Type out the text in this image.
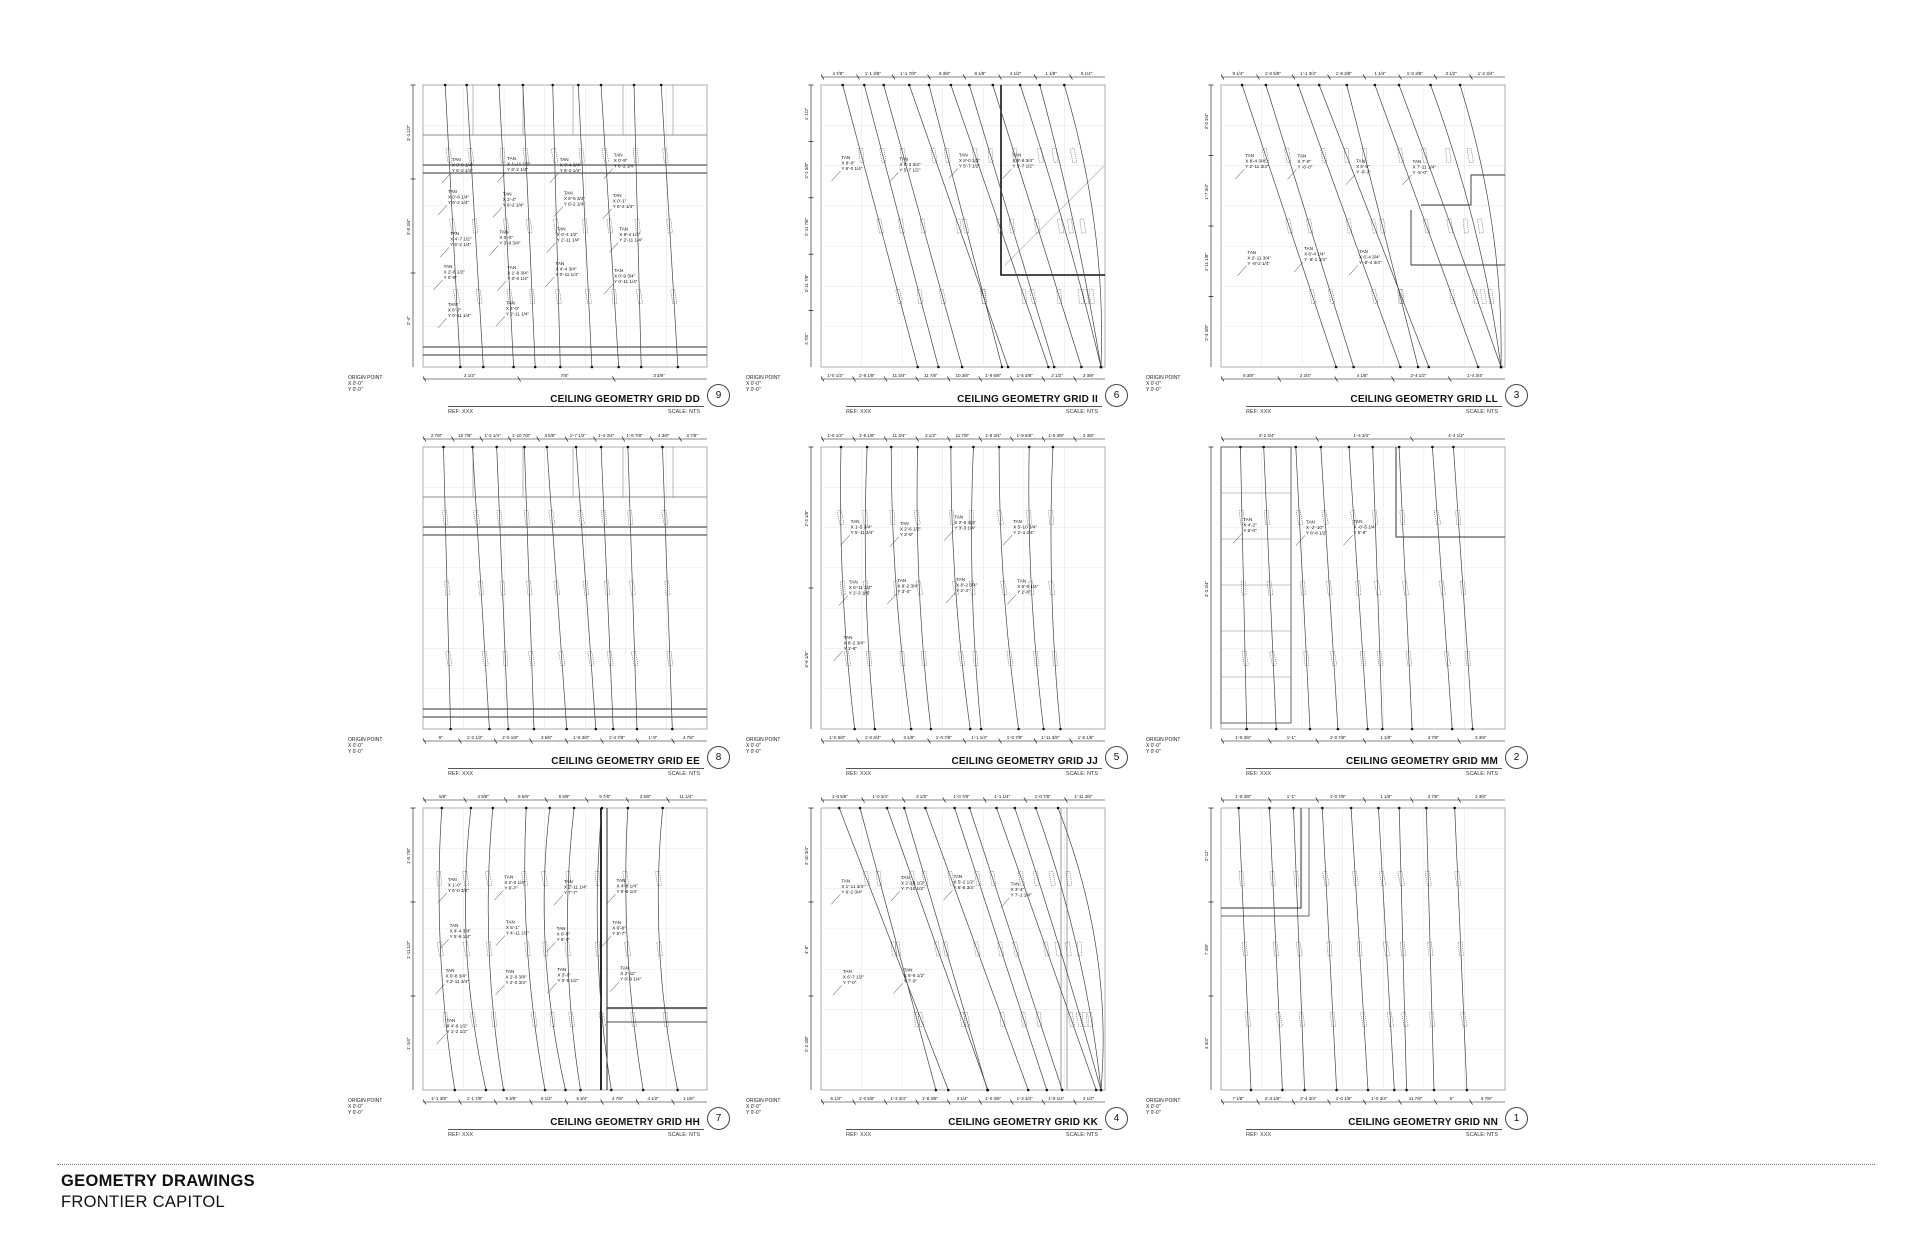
3 1/2"	7/8"	3 3/8"
3'-1 1/2"
3'-0 3/4"
2'-4"
TAN
X 0'-0 1/4"
Y 6'-2 1/4"
TAN
X 1'-11 1/4"
Y 6'-2 1/4"
TAN
X 0'-4 3/4"
Y 6'-2 1/4"
TAN
X 0'-9"
Y 6'-2 1/4"
TAN
X 0'-6 1/4"
Y 6'-2 1/4"
TAN
X 2'-4"
Y 6'-2 1/4"
TAN
X 8'-6 3/4"
Y 6'-2 1/4"
TAN
X 0'-1"
Y 6'-2 1/4"
TAN
X 4'-7 1/2"
Y 6'-2 1/4"
TAN
X 0'-0"
Y 3'-9 3/4"
TAN
X 0'-4 1/2"
Y 2'-11 1/4"
TAN
X 8'-4 1/4"
Y 2'-11 1/4"
TAN
X 2'-6 1/2"
Y 0'-9"
TAN
X 1'-8 3/4"
Y 0'-0 1/4"
TAN
X 4'-4 3/4"
Y 0'-11 1/4"
TAN
X 0'-9 3/4"
Y 0'-11 1/4"
TAN
X 8'-7"
Y 0'-11 1/4"
TAN
X 4'-0"
Y 2'-11 1/4"
ORIGIN POINT
X 0'-0"
Y 0'-0"
CEILING GEOMETRY GRID DD
REF: XXX	SCALE: NTS
9
4 7/8"	1'-1 3/8"	1'-1 7/8"	9 3/8"	8 1/8"	4 1/2"	1 1/8"	8 1/4"
1'-0 1/2"	1'-8 1/8"	11 3/4"	11 7/8"	10 3/8"	1'-9 5/8"	1'-5 3/8"	2 1/2"	3 3/8"
1'-1/2"
2'-1 3/8"
2'-11 7/8"
3'-11 7/8"
3 7/8"
TAN
X 8'-0"
Y 6'-0 1/4"
TAN
X 8'-3 3/4"
Y 5'-7 1/2"
TAN
X 8'-0 1/2"
Y 5'-7 1/2"
TAN
X 9'-8 3/4"
Y 5'-7 1/2"
ORIGIN POINT
X 0'-0"
Y 0'-0"
CEILING GEOMETRY GRID II
REF: XXX	SCALE: NTS
6
9 1/4"	1'-0 5/8"	1'-1 3/4"	1'-8 3/8"	1 1/4"	1'-0 3/8"	3 1/2"	1'-2 3/4"
8 3/8"	2 3/4"	4 1/8"	2'-4 1/2"	1'-4 3/4"
2'-0 3/4"
1'-7 3/4"
1'-11 1/8"
2'-3 3/8"
TAN
X 8'-4 3/4"
Y 2'-11 3/4"
TAN
X 7'-0"
Y -6'-0"
TAN
X 6'-8"
Y -6'-3"
TAN
X 7'-11 1/4"
Y -5'-0"
TAN
X 2'-11 3/4"
Y -8'-2 1/4"
TAN
X 8'-4 1/4"
Y -8'-1 3/4"
TAN
X 6'-4 3/4"
Y -8'-4 3/4"
ORIGIN POINT
X 0'-0"
Y 0'-0"
CEILING GEOMETRY GRID LL
REF: XXX	SCALE: NTS
3
2 7/8"	10 7/8"	1'-2 1/4"	1'-10 7/8"	3 5/8"	1'-7 1/2"	1'-4 3/4"	1'-8 7/8"	4 3/8"	3 7/8"
9"	1'-3 1/2"	2'-0 1/8"	3 5/8"	1'-8 3/8"	1'-4 7/8"	1'-9"	4 7/8"
ORIGIN POINT
X 0'-0"
Y 0'-0"
CEILING GEOMETRY GRID EE
REF: XXX	SCALE: NTS
8
1'-0 1/2"	1'-8 1/8"	11 3/4"	2 1/2"	11 7/8"	1'-8 3/4"	1'-9 5/8"	1'-5 3/8"	3 3/8"
1'-0 5/8"	1'-0 3/4"	3 1/8"	1'-0 7/8"	1'-1 1/4"	1'-0 7/8"	1'-11 3/8"	1'-8 1/8"
2'-3 1/8"
6'-8 1/8"
TAN
X 1'-5 3/4"
Y 5'-11 3/4"
TAN
X 2'-6 1/2"
Y 3'-8"
TAN
X 2'-6 3/4"
Y 3'-3 1/4"
TAN
X 5'-10 3/4"
Y 2'-4 3/4"
TAN
X 6'-11 1/2"
Y 2'-3 1/4"
TAN
X 8'-2 3/4"
Y 3'-0"
TAN
X 8'-2 3/4"
Y 2'-3"
TAN
X 9'-8 1/4"
Y 2'-8"
TAN
X 8'-2 3/4"
Y 1'-8"
ORIGIN POINT
X 0'-0"
Y 0'-0"
CEILING GEOMETRY GRID JJ
REF: XXX	SCALE: NTS
5
4'-2 3/4"	1'-4 3/4"	4'-4 1/2"
1'-8 3/8"	1'-1"	1'-0 7/8"	1 1/8"	3 7/8"	3 3/8"
3'-3 3/4"
TAN
X 4'-2"
Y 6'-0"
TAN
X -2'-10"
Y 8'-8 1/2"
TAN
X -0'-5 1/4"
Y 5'-6"
ORIGIN POINT
X 0'-0"
Y 0'-0"
CEILING GEOMETRY GRID MM
REF: XXX	SCALE: NTS
2
5/8"	4 5/8"	8 5/8"	5 5/8"	9 7/8"	3 5/8"	11 1/4"
1'-1 3/8"	1'-1 7/8"	9 3/8"	6 1/2"	6 3/4"	4 7/8"	4 1/2"	1 1/8"
1'-0 7/8"
1'-11 1/2"
1'-1/4"
TAN
X 1'-0"
Y 6'-0 3/4"
TAN
X 2'-0 1/4"
Y 6'-7"
TAN
X 2'-11 1/4"
Y 7'-7"
TAN
X 4'-8 1/4"
Y 5'-9 1/4"
TAN
X 4'-4 3/4"
Y 5'-9 1/4"
TAN
X 5'-1"
Y 4'-11 1/2"
TAN
X 6'-8"
Y 6'-0"
TAN
X 6'-8"
Y 5'-7"
TAN
X 6'-8 3/4"
Y 2'-11 3/4"
TAN
X 2'-0 3/8"
Y 2'-0 3/4"
TAN
X 3'-0"
Y 0'-9 1/2"
TAN
X 2'-11"
Y 0'-6 1/4"
TAN
X 4'-6 1/2"
Y 1'-2 1/2"
ORIGIN POINT
X 0'-0"
Y 0'-0"
CEILING GEOMETRY GRID HH
REF: XXX	SCALE: NTS
7
1'-0 5/8"	1'-0 3/4"	3 1/8"	1'-0 7/8"	1'-1 1/4"	1'-0 7/8"	1'-11 3/8"
6 1/4"	1'-0 5/8"	1'-3 3/4"	1'-8 3/8"	3 1/4"	1'-0 3/8"	1'-2 3/4"	1'-8 1/4"	3 1/2"
2'-10 3/4"
4'-8"
2'-2 3/8"
TAN
X 1'-11 3/4"
Y 6'-2 3/4"
TAN
X 2'-10 1/2"
Y 7'-10 1/2"
TAN
X 5'-2 1/2"
Y 6'-8 3/4"
TAN
X 3'-4"
Y 7'-1 1/4"
TAN
X 6'-7 1/2"
Y 7'-0"
TAN
X 6'-8 1/2"
Y 7'-0"
ORIGIN POINT
X 0'-0"
Y 0'-0"
CEILING GEOMETRY GRID KK
REF: XXX	SCALE: NTS
4
1'-8 3/8"	1'-1"	1'-0 7/8"	1 1/8"	3 7/8"	3 3/8"
7 1/8"	2'-3 1/8"	2'-4 3/4"	1'-0 1/8"	1'-0 3/4"	11 7/8"	5"	5 7/8"
2'-11"
7 3/8"
3 3/4"
ORIGIN POINT
X 0'-0"
Y 0'-0"
CEILING GEOMETRY GRID NN
REF: XXX	SCALE: NTS
1
GEOMETRY DRAWINGS
FRONTIER CAPITOL
